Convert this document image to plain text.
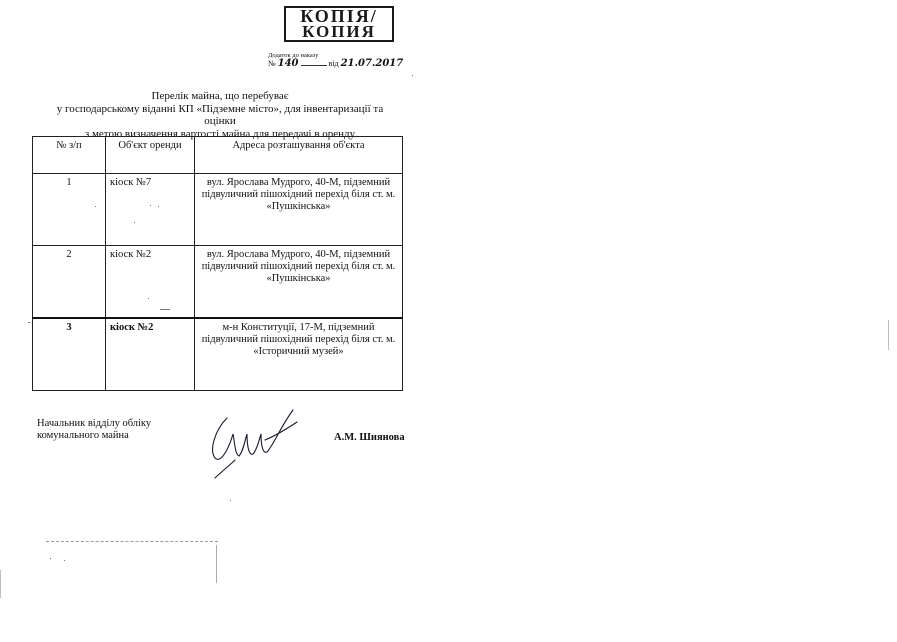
КОПІЯ/
КОПИЯ
Додаток до наказу
№ 140	від 21.07.2017
Перелік майна, що перебуває
у господарському віданні КП «Підземне місто», для інвентаризації та оцінки
з метою визначення вартості майна для передачі в оренду
№ з/п	Об'єкт оренди	Адреса розташування об'єкта
1	кіоск №7	вул. Ярослава Мудрого, 40-М, підземний підвуличний пішохідний перехід біля ст. м. «Пушкінська»
2	кіоск №2	вул. Ярослава Мудрого, 40-М, підземний підвуличний пішохідний перехід біля ст. м. «Пушкінська»
3	кіоск №2	м-н Конституції, 17-М, підземний підвуличний пішохідний перехід біля ст. м. «Історичний музей»
Начальник відділу обліку
комунального майна	А.М. Шиянова
